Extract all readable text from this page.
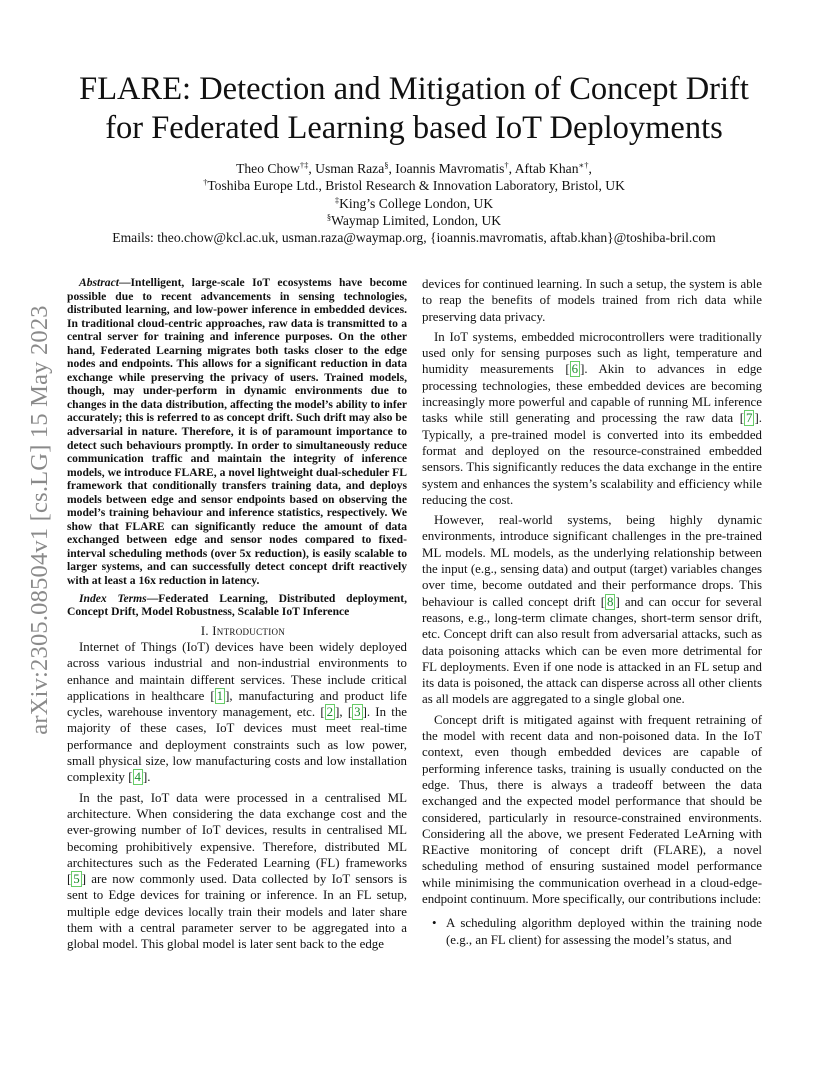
arXiv:2305.08504v1 [cs.LG] 15 May 2023
FLARE: Detection and Mitigation of Concept Drift
for Federated Learning based IoT Deployments
Theo Chow†‡, Usman Raza§, Ioannis Mavromatis†, Aftab Khan∗†,
†Toshiba Europe Ltd., Bristol Research & Innovation Laboratory, Bristol, UK
‡King’s College London, UK
§Waymap Limited, London, UK
Emails: theo.chow@kcl.ac.uk, usman.raza@waymap.org, {ioannis.mavromatis, aftab.khan}@toshiba-bril.com

Abstract—Intelligent, large-scale IoT ecosystems have become possible due to recent advancements in sensing technologies, distributed learning, and low-power inference in embedded devices. In traditional cloud-centric approaches, raw data is transmitted to a central server for training and inference purposes. On the other hand, Federated Learning migrates both tasks closer to the edge nodes and endpoints. This allows for a significant reduction in data exchange while preserving the privacy of users. Trained models, though, may under-perform in dynamic environments due to changes in the data distribution, affecting the model’s ability to infer accurately; this is referred to as concept drift. Such drift may also be adversarial in nature. Therefore, it is of paramount importance to detect such behaviours promptly. In order to simultaneously reduce communication traffic and maintain the integrity of inference models, we introduce FLARE, a novel lightweight dual-scheduler FL framework that conditionally transfers training data, and deploys models between edge and sensor endpoints based on observing the model’s training behaviour and inference statistics, respectively. We show that FLARE can significantly reduce the amount of data exchanged between edge and sensor nodes compared to fixed-interval scheduling methods (over 5x reduction), is easily scalable to larger systems, and can successfully detect concept drift reactively with at least a 16x reduction in latency.

Index Terms—Federated Learning, Distributed deployment, Concept Drift, Model Robustness, Scalable IoT Inference

I. Introduction

Internet of Things (IoT) devices have been widely deployed across various industrial and non-industrial environments to enhance and maintain different services. These include critical applications in healthcare [ 1 ], manufacturing and product life cycles, warehouse inventory management, etc. [ 2 ], [ 3 ]. In the majority of these cases, IoT devices must meet real-time performance and deployment constraints such as low power, small physical size, low manufacturing costs and low installation complexity [ 4 ].

In the past, IoT data were processed in a centralised ML architecture. When considering the data exchange cost and the ever-growing number of IoT devices, results in centralised ML becoming prohibitively expensive. Therefore, distributed ML architectures such as the Federated Learning (FL) frameworks [ 5 ] are now commonly used. Data collected by IoT sensors is sent to Edge devices for training or inference. In an FL setup, multiple edge devices locally train their models and later share them with a central parameter server to be aggregated into a global model. This global model is later sent back to the edge

devices for continued learning. In such a setup, the system is able to reap the benefits of models trained from rich data while preserving data privacy.

In IoT systems, embedded microcontrollers were traditionally used only for sensing purposes such as light, temperature and humidity measurements [ 6 ]. Akin to advances in edge processing technologies, these embedded devices are becoming increasingly more powerful and capable of running ML inference tasks while still generating and processing the raw data [ 7 ]. Typically, a pre-trained model is converted into its embedded format and deployed on the resource-constrained embedded sensors. This significantly reduces the data exchange in the entire system and enhances the system’s scalability and efficiency while reducing the cost.

However, real-world systems, being highly dynamic environments, introduce significant challenges in the pre-trained ML models. ML models, as the underlying relationship between the input (e.g., sensing data) and output (target) variables changes over time, become outdated and their performance drops. This behaviour is called concept drift [ 8 ] and can occur for several reasons, e.g., long-term climate changes, short-term sensor drift, etc. Concept drift can also result from adversarial attacks, such as data poisoning attacks which can be even more detrimental for FL deployments. Even if one node is attacked in an FL setup and its data is poisoned, the attack can disperse across all other clients as all models are aggregated to a single global one.

Concept drift is mitigated against with frequent retraining of the model with recent data and non-poisoned data. In the IoT context, even though embedded devices are capable of performing inference tasks, training is usually conducted on the edge. Thus, there is always a tradeoff between the data exchanged and the expected model performance that should be considered, particularly in resource-constrained environments. Considering all the above, we present Federated LeArning with REactive monitoring of concept drift (FLARE), a novel scheduling method of ensuring sustained model performance while minimising the communication overhead in a cloud-edge-endpoint continuum. More specifically, our contributions include:

• A scheduling algorithm deployed within the training node (e.g., an FL client) for assessing the model’s status, and
